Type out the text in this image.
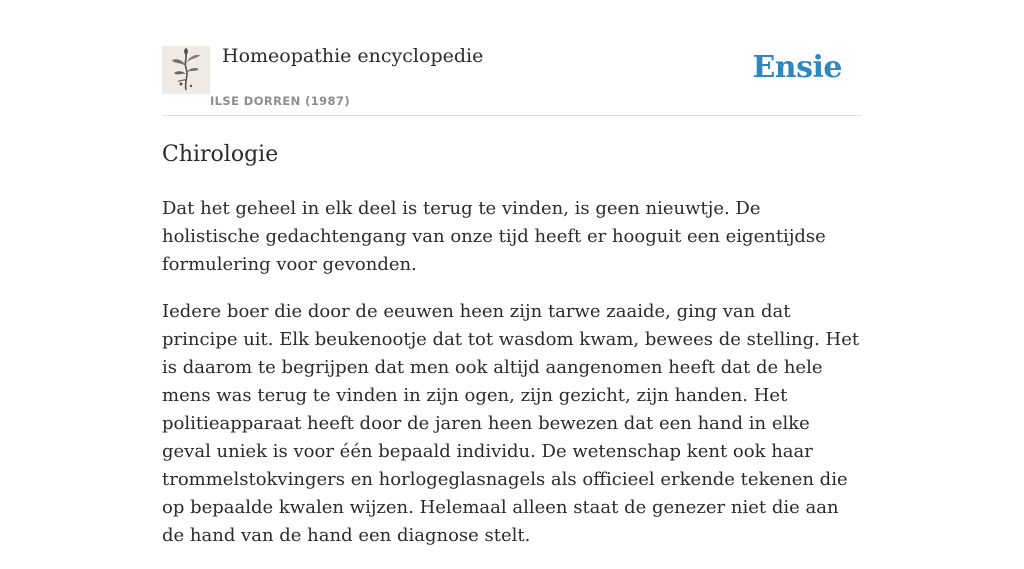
Homeopathie encyclopedie
ILSE DORREN (1987)
Ensie
Chirologie

Dat het geheel in elk deel is terug te vinden, is geen nieuwtje. De holistische gedachtengang van onze tijd heeft er hooguit een eigentijdse formulering voor gevonden.

Iedere boer die door de eeuwen heen zijn tarwe zaaide, ging van dat principe uit. Elk beukenootje dat tot wasdom kwam, bewees de stelling. Het is daarom te begrijpen dat men ook altijd aangenomen heeft dat de hele mens was terug te vinden in zijn ogen, zijn gezicht, zijn handen. Het politieapparaat heeft door de jaren heen bewezen dat een hand in elke geval uniek is voor één bepaald individu. De wetenschap kent ook haar trommelstokvingers en horlogeglasnagels als officieel erkende tekenen die op bepaalde kwalen wijzen. Helemaal alleen staat de genezer niet die aan de hand van de hand een diagnose stelt.
